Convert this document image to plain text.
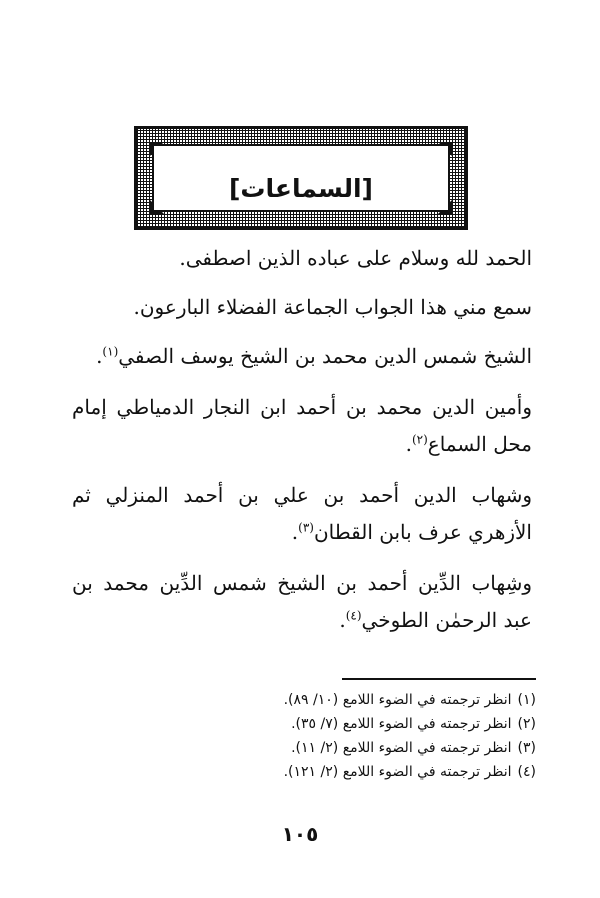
[السماعات]

الحمد لله وسلام على عباده الذين اصطفى.

سمع مني هذا الجواب الجماعة الفضلاء البارعون.

الشيخ شمس الدين محمد بن الشيخ يوسف الصفي$^{(١)}$.

وأمين الدين محمد بن أحمد ابن النجار الدمياطي إمام محل السماع$^{(٢)}$.

وشهاب الدين أحمد بن علي بن أحمد المنزلي ثم الأزهري عرف بابن القطان$^{(٣)}$.

وشِهاب الدِّين أحمد بن الشيخ شمس الدِّين محمد بن عبد الرحمٰن الطوخي$^{(٤)}$.

(١)انظر ترجمته في الضوء اللامع (١٠/ ٨٩).
(٢)انظر ترجمته في الضوء اللامع (٧/ ٣٥).
(٣)انظر ترجمته في الضوء اللامع (٢/ ١١).
(٤)انظر ترجمته في الضوء اللامع (٢/ ١٢١).
١٠٥
